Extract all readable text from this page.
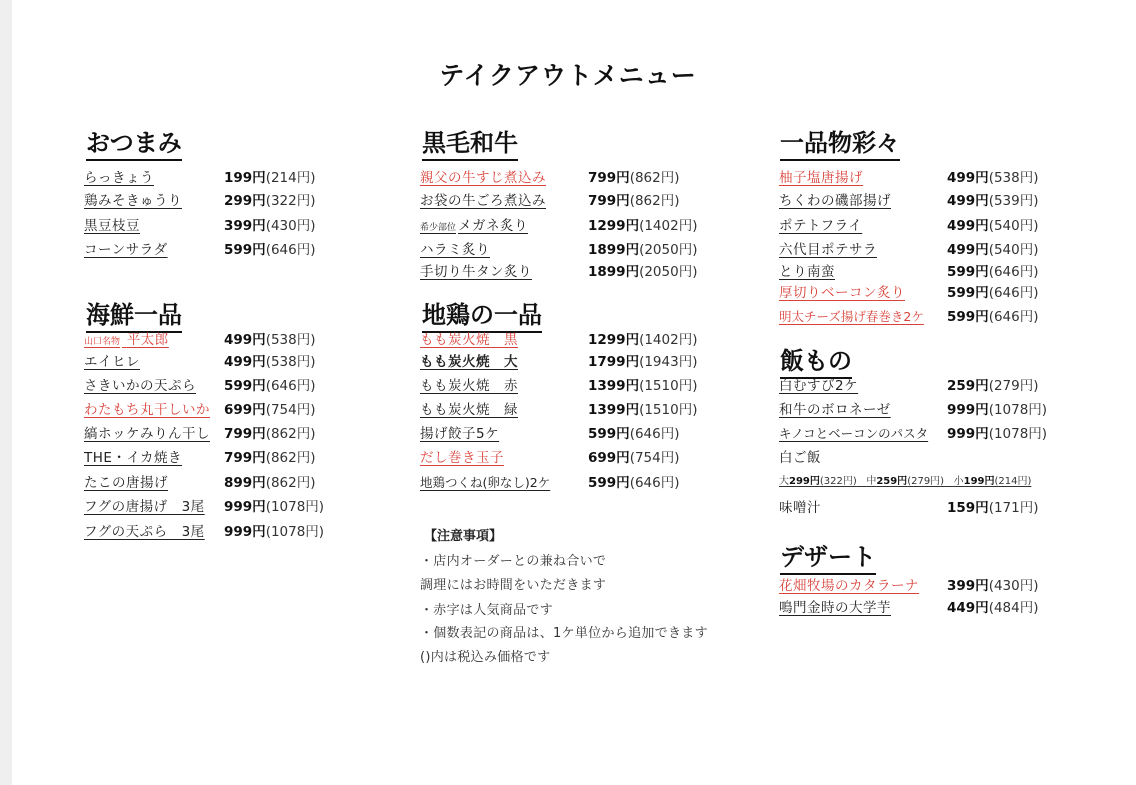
テイクアウトメニュー
おつまみ
らっきょう	199円(214円)
鶏みそきゅうり	299円(322円)
黒豆枝豆	399円(430円)
コーンサラダ	599円(646円)
海鮮一品
山口名物 平太郎	499円(538円)
エイヒレ	499円(538円)
さきいかの天ぷら 599円(646円)
わたもち丸干しいか 699円(754円)
縞ホッケみりん干し 799円(862円)
THE・イカ焼き	799円(862円)
たこの唐揚げ	899円(862円)
フグの唐揚げ　3尾 999円(1078円)
フグの天ぷら　3尾 999円(1078円)
黒毛和牛
親父の牛すじ煮込み	799円(862円)
お袋の牛ごろ煮込み	799円(862円)
希少部位 メガネ炙り	1299円(1402円)
ハラミ炙り	1899円(2050円)
手切り牛タン炙り	1899円(2050円)
地鶏の一品
もも炭火焼　黒	1299円(1402円)
もも炭火焼　大	1799円(1943円)
もも炭火焼　赤	1399円(1510円)
もも炭火焼　緑	1399円(1510円)
揚げ餃子5ケ	599円(646円)
だし巻き玉子	699円(754円)
地鶏つくね(卵なし)2ケ	599円(646円)
【注意事項】
・店内オーダーとの兼ね合いで
調理にはお時間をいただきます
・赤字は人気商品です
・個数表記の商品は、1ケ単位から追加できます
()内は税込み価格です
一品物彩々
柚子塩唐揚げ	499円(538円)
ちくわの磯部揚げ	499円(539円)
ポテトフライ	499円(540円)
六代目ポテサラ	499円(540円)
とり南蛮	599円(646円)
厚切りベーコン炙り	599円(646円)
明太チーズ揚げ春巻き2ケ 599円(646円)
飯もの
白むすび2ケ	259円(279円)
和牛のボロネーゼ	999円(1078円)
キノコとベーコンのパスタ 999円(1078円)
白ご飯
大299円(322円) 中259円(279円) 小199円(214円)
味噌汁	159円(171円)
デザート
花畑牧場のカタラーナ 399円(430円)
鳴門金時の大学芋	449円(484円)
